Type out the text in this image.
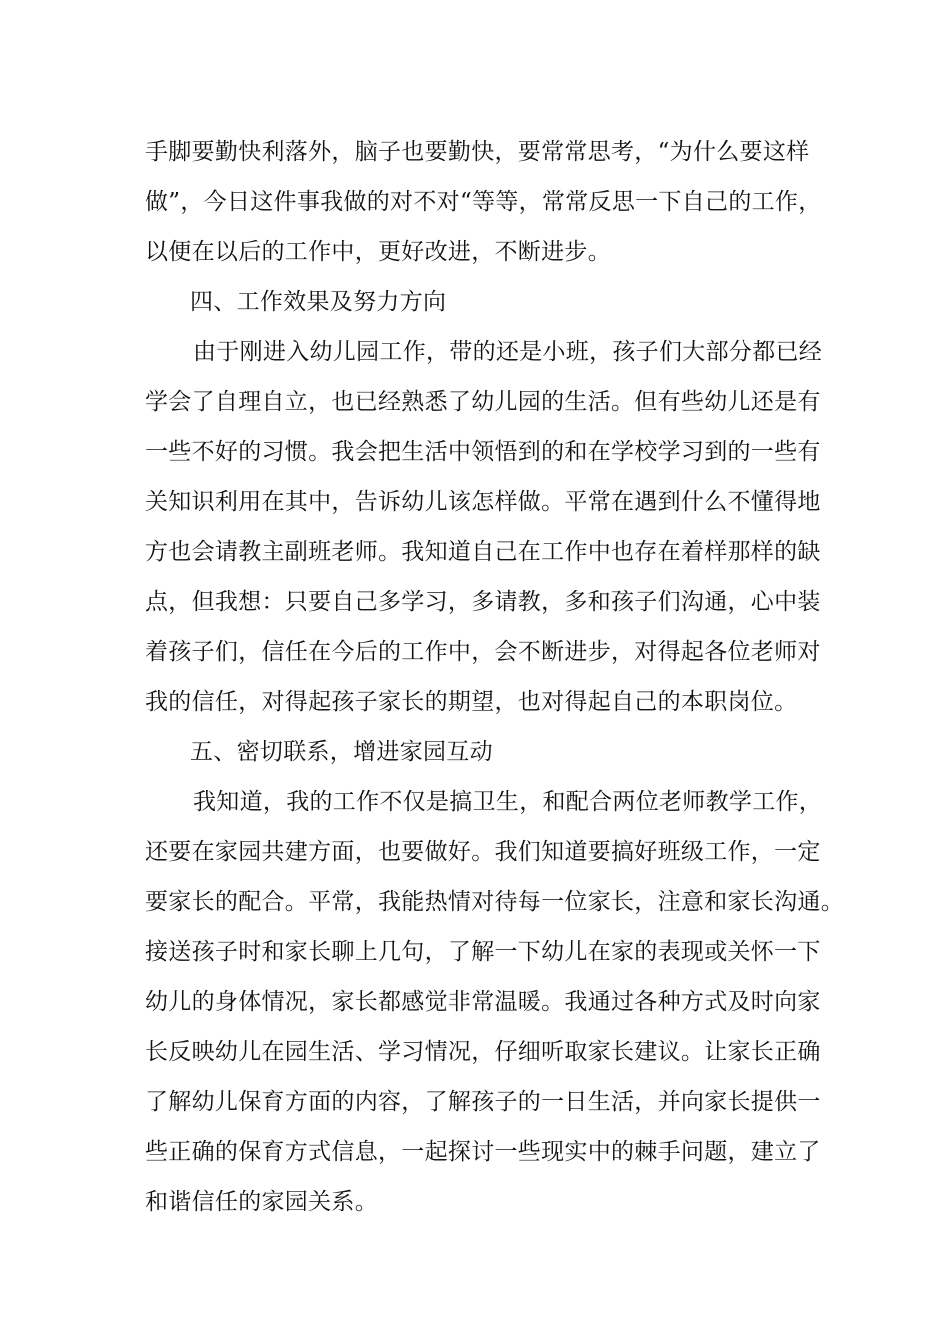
手脚要勤快利落外，脑子也要勤快，要常常思考，“为什么要这样
做”，今日这件事我做的对不对“等等，常常反思一下自己的工作，
以便在以后的工作中，更好改进，不断进步。
四、工作效果及努力方向
由于刚进入幼儿园工作，带的还是小班，孩子们大部分都已经
学会了自理自立，也已经熟悉了幼儿园的生活。但有些幼儿还是有
一些不好的习惯。我会把生活中领悟到的和在学校学习到的一些有
关知识利用在其中，告诉幼儿该怎样做。平常在遇到什么不懂得地
方也会请教主副班老师。我知道自己在工作中也存在着样那样的缺
点，但我想：只要自己多学习，多请教，多和孩子们沟通，心中装
着孩子们，信任在今后的工作中，会不断进步，对得起各位老师对
我的信任，对得起孩子家长的期望，也对得起自己的本职岗位。
五、密切联系，增进家园互动
我知道，我的工作不仅是搞卫生，和配合两位老师教学工作，
还要在家园共建方面，也要做好。我们知道要搞好班级工作，一定
要家长的配合。平常，我能热情对待每一位家长，注意和家长沟通。
接送孩子时和家长聊上几句，了解一下幼儿在家的表现或关怀一下
幼儿的身体情况，家长都感觉非常温暖。我通过各种方式及时向家
长反映幼儿在园生活、学习情况，仔细听取家长建议。让家长正确
了解幼儿保育方面的内容，了解孩子的一日生活，并向家长提供一
些正确的保育方式信息，一起探讨一些现实中的棘手问题，建立了
和谐信任的家园关系。
